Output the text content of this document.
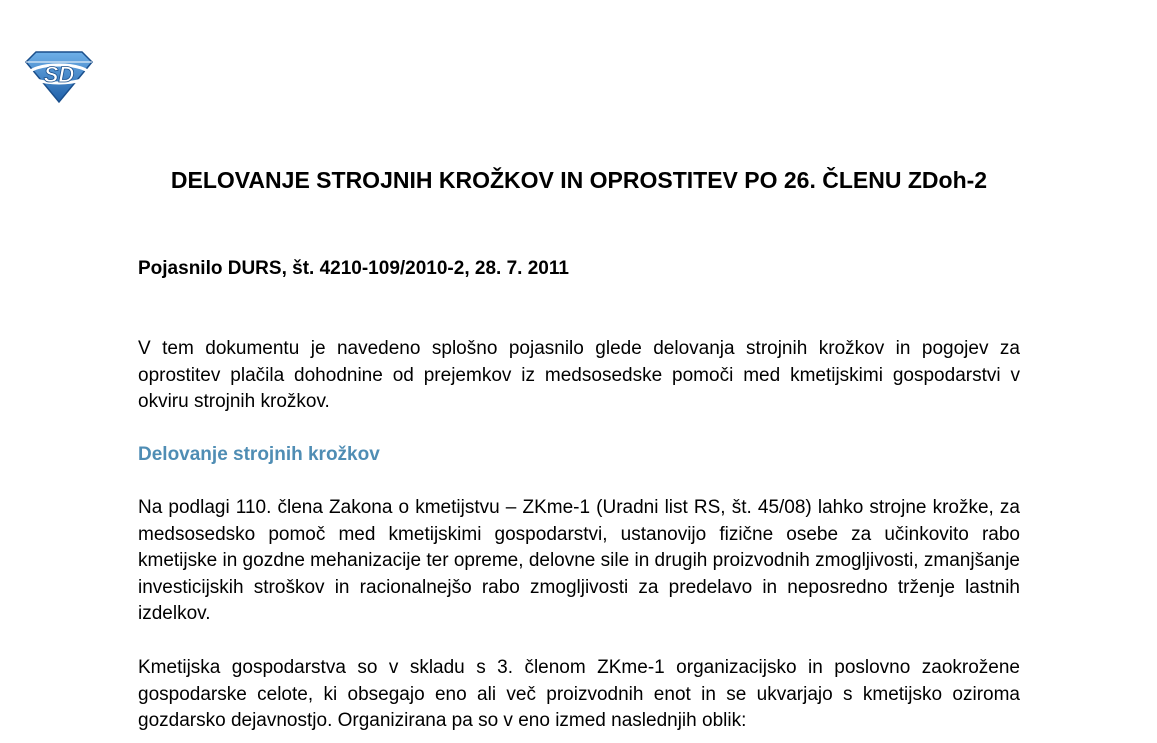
SD

DELOVANJE STROJNIH KROŽKOV IN OPROSTITEV PO 26. ČLENU ZDoh-2

Pojasnilo DURS, št. 4210-109/2010-2, 28. 7. 2011

V tem dokumentu je navedeno splošno pojasnilo glede delovanja strojnih krožkov in pogojev za oprostitev plačila dohodnine od prejemkov iz medsosedske pomoči med kmetijskimi gospodarstvi v okviru strojnih krožkov.

Delovanje strojnih krožkov

Na podlagi 110. člena Zakona o kmetijstvu – ZKme-1 (Uradni list RS, št. 45/08) lahko strojne krožke, za medsosedsko pomoč med kmetijskimi gospodarstvi, ustanovijo fizične osebe za učinkovito rabo kmetijske in gozdne mehanizacije ter opreme, delovne sile in drugih proizvodnih zmogljivosti, zmanjšanje investicijskih stroškov in racionalnejšo rabo zmogljivosti za predelavo in neposredno trženje lastnih izdelkov.

Kmetijska gospodarstva so v skladu s 3. členom ZKme-1 organizacijsko in poslovno zaokrožene gospodarske celote, ki obsegajo eno ali več proizvodnih enot in se ukvarjajo s kmetijsko oziroma gozdarsko dejavnostjo. Organizirana pa so v eno izmed naslednjih oblik:
